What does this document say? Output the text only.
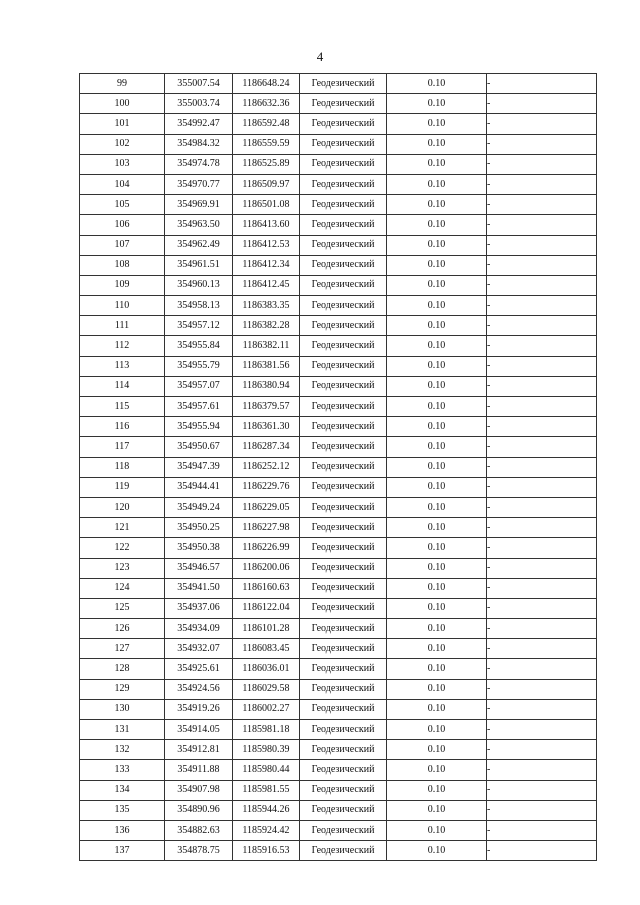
4
99	355007.54	1186648.24	Геодезический	0.10	-
100	355003.74	1186632.36	Геодезический	0.10	-
101	354992.47	1186592.48	Геодезический	0.10	-
102	354984.32	1186559.59	Геодезический	0.10	-
103	354974.78	1186525.89	Геодезический	0.10	-
104	354970.77	1186509.97	Геодезический	0.10	-
105	354969.91	1186501.08	Геодезический	0.10	-
106	354963.50	1186413.60	Геодезический	0.10	-
107	354962.49	1186412.53	Геодезический	0.10	-
108	354961.51	1186412.34	Геодезический	0.10	-
109	354960.13	1186412.45	Геодезический	0.10	-
110	354958.13	1186383.35	Геодезический	0.10	-
111	354957.12	1186382.28	Геодезический	0.10	-
112	354955.84	1186382.11	Геодезический	0.10	-
113	354955.79	1186381.56	Геодезический	0.10	-
114	354957.07	1186380.94	Геодезический	0.10	-
115	354957.61	1186379.57	Геодезический	0.10	-
116	354955.94	1186361.30	Геодезический	0.10	-
117	354950.67	1186287.34	Геодезический	0.10	-
118	354947.39	1186252.12	Геодезический	0.10	-
119	354944.41	1186229.76	Геодезический	0.10	-
120	354949.24	1186229.05	Геодезический	0.10	-
121	354950.25	1186227.98	Геодезический	0.10	-
122	354950.38	1186226.99	Геодезический	0.10	-
123	354946.57	1186200.06	Геодезический	0.10	-
124	354941.50	1186160.63	Геодезический	0.10	-
125	354937.06	1186122.04	Геодезический	0.10	-
126	354934.09	1186101.28	Геодезический	0.10	-
127	354932.07	1186083.45	Геодезический	0.10	-
128	354925.61	1186036.01	Геодезический	0.10	-
129	354924.56	1186029.58	Геодезический	0.10	-
130	354919.26	1186002.27	Геодезический	0.10	-
131	354914.05	1185981.18	Геодезический	0.10	-
132	354912.81	1185980.39	Геодезический	0.10	-
133	354911.88	1185980.44	Геодезический	0.10	-
134	354907.98	1185981.55	Геодезический	0.10	-
135	354890.96	1185944.26	Геодезический	0.10	-
136	354882.63	1185924.42	Геодезический	0.10	-
137	354878.75	1185916.53	Геодезический	0.10	-
